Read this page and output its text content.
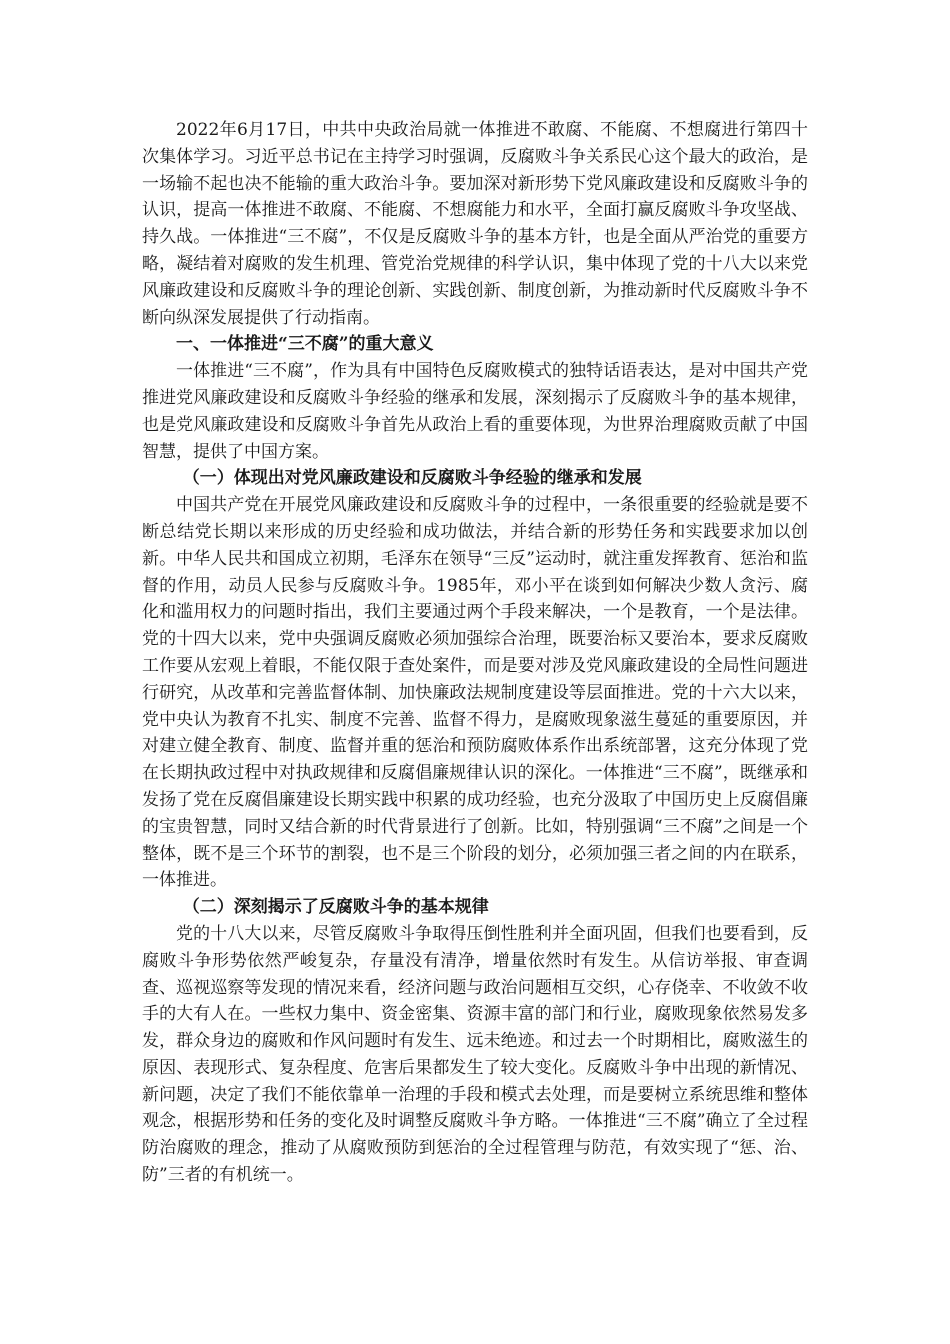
2022年6月17日，中共中央政治局就一体推进不敢腐、不能腐、不想腐进行第四十次集体学习。习近平总书记在主持学习时强调，反腐败斗争关系民心这个最大的政治，是一场输不起也决不能输的重大政治斗争。要加深对新形势下党风廉政建设和反腐败斗争的认识，提高一体推进不敢腐、不能腐、不想腐能力和水平，全面打赢反腐败斗争攻坚战、持久战。一体推进“三不腐”，不仅是反腐败斗争的基本方针，也是全面从严治党的重要方略，凝结着对腐败的发生机理、管党治党规律的科学认识，集中体现了党的十八大以来党风廉政建设和反腐败斗争的理论创新、实践创新、制度创新，为推动新时代反腐败斗争不断向纵深发展提供了行动指南。

一、一体推进“三不腐”的重大意义

一体推进“三不腐”，作为具有中国特色反腐败模式的独特话语表达，是对中国共产党推进党风廉政建设和反腐败斗争经验的继承和发展，深刻揭示了反腐败斗争的基本规律，也是党风廉政建设和反腐败斗争首先从政治上看的重要体现，为世界治理腐败贡献了中国智慧，提供了中国方案。

（一）体现出对党风廉政建设和反腐败斗争经验的继承和发展

中国共产党在开展党风廉政建设和反腐败斗争的过程中，一条很重要的经验就是要不断总结党长期以来形成的历史经验和成功做法，并结合新的形势任务和实践要求加以创新。中华人民共和国成立初期，毛泽东在领导“三反”运动时，就注重发挥教育、惩治和监督的作用，动员人民参与反腐败斗争。1985年，邓小平在谈到如何解决少数人贪污、腐化和滥用权力的问题时指出，我们主要通过两个手段来解决，一个是教育，一个是法律。党的十四大以来，党中央强调反腐败必须加强综合治理，既要治标又要治本，要求反腐败工作要从宏观上着眼，不能仅限于查处案件，而是要对涉及党风廉政建设的全局性问题进行研究，从改革和完善监督体制、加快廉政法规制度建设等层面推进。党的十六大以来，党中央认为教育不扎实、制度不完善、监督不得力，是腐败现象滋生蔓延的重要原因，并对建立健全教育、制度、监督并重的惩治和预防腐败体系作出系统部署，这充分体现了党在长期执政过程中对执政规律和反腐倡廉规律认识的深化。一体推进“三不腐”，既继承和发扬了党在反腐倡廉建设长期实践中积累的成功经验，也充分汲取了中国历史上反腐倡廉的宝贵智慧，同时又结合新的时代背景进行了创新。比如，特别强调“三不腐”之间是一个整体，既不是三个环节的割裂，也不是三个阶段的划分，必须加强三者之间的内在联系，一体推进。

（二）深刻揭示了反腐败斗争的基本规律

党的十八大以来，尽管反腐败斗争取得压倒性胜利并全面巩固，但我们也要看到，反腐败斗争形势依然严峻复杂，存量没有清净，增量依然时有发生。从信访举报、审查调查、巡视巡察等发现的情况来看，经济问题与政治问题相互交织，心存侥幸、不收敛不收手的大有人在。一些权力集中、资金密集、资源丰富的部门和行业，腐败现象依然易发多发，群众身边的腐败和作风问题时有发生、远未绝迹。和过去一个时期相比，腐败滋生的原因、表现形式、复杂程度、危害后果都发生了较大变化。反腐败斗争中出现的新情况、新问题，决定了我们不能依靠单一治理的手段和模式去处理，而是要树立系统思维和整体观念，根据形势和任务的变化及时调整反腐败斗争方略。一体推进“三不腐”确立了全过程防治腐败的理念，推动了从腐败预防到惩治的全过程管理与防范，有效实现了“惩、治、防”三者的有机统一。
